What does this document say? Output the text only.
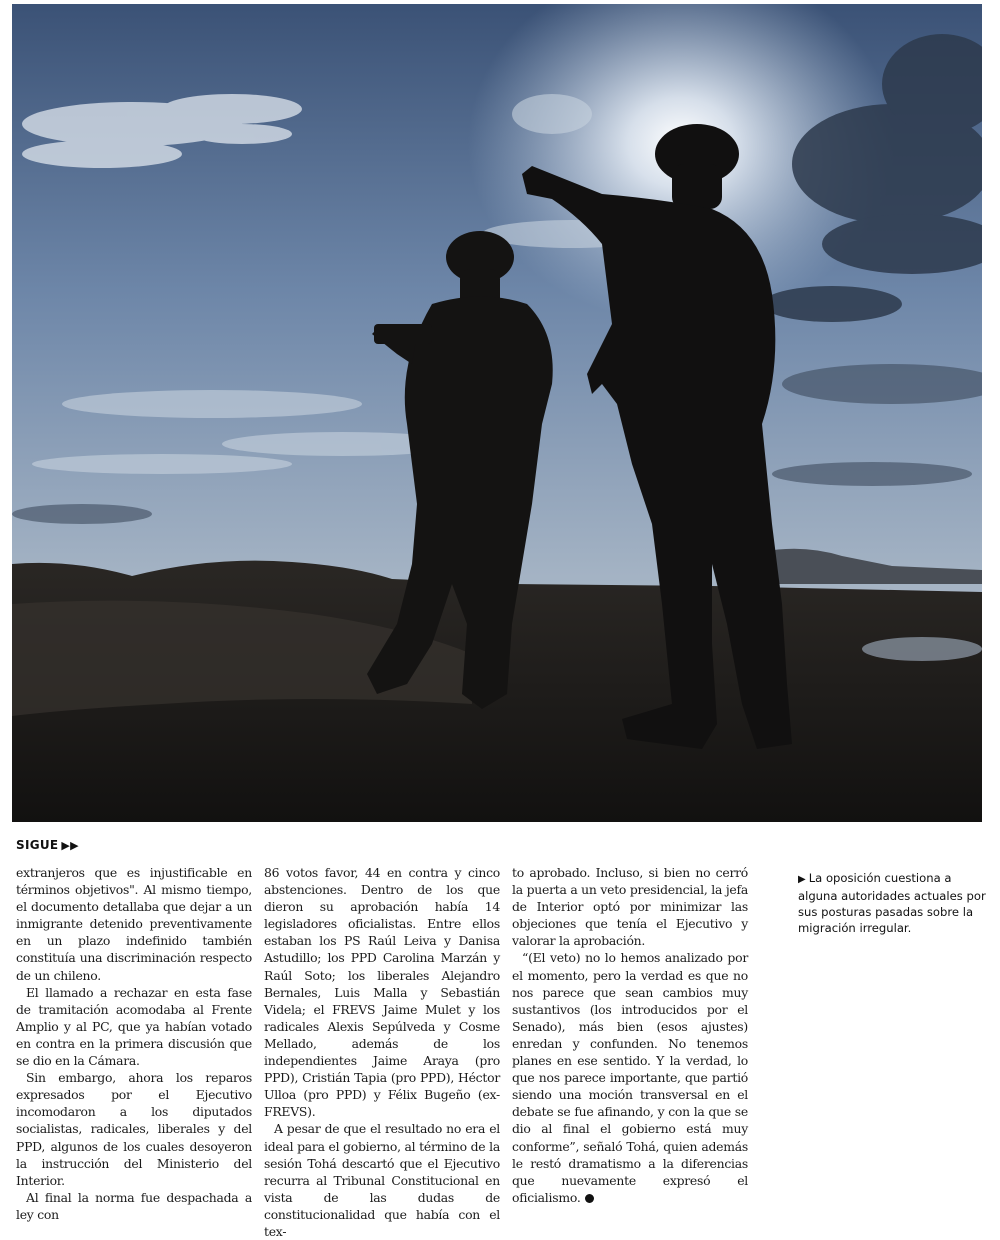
SIGUE ▶▶

extranjeros que es injustificable en términos objetivos". Al mismo tiempo, el documento detallaba que dejar a un inmigrante detenido preventivamente en un plazo indefinido también constituía una discriminación respecto de un chileno.

El llamado a rechazar en esta fase de tramitación acomodaba al Frente Amplio y al PC, que ya habían votado en contra en la primera discusión que se dio en la Cámara.

Sin embargo, ahora los reparos expresados por el Ejecutivo incomodaron a los diputados socialistas, radicales, liberales y del PPD, algunos de los cuales desoyeron la instrucción del Ministerio del Interior.

Al final la norma fue despachada a ley con

86 votos favor, 44 en contra y cinco abstenciones. Dentro de los que dieron su aprobación había 14 legisladores oficialistas. Entre ellos estaban los PS Raúl Leiva y Danisa Astudillo; los PPD Carolina Marzán y Raúl Soto; los liberales Alejandro Bernales, Luis Malla y Sebastián Videla; el FREVS Jaime Mulet y los radicales Alexis Sepúlveda y Cosme Mellado, además de los independientes Jaime Araya (pro PPD), Cristián Tapia (pro PPD), Héctor Ulloa (pro PPD) y Félix Bugeño (ex-FREVS).

A pesar de que el resultado no era el ideal para el gobierno, al término de la sesión Tohá descartó que el Ejecutivo recurra al Tribunal Constitucional en vista de las dudas de constitucionalidad que había con el tex-

to aprobado. Incluso, si bien no cerró la puerta a un veto presidencial, la jefa de Interior optó por minimizar las objeciones que tenía el Ejecutivo y valorar la aprobación.

“(El veto) no lo hemos analizado por el momento, pero la verdad es que no nos parece que sean cambios muy sustantivos (los introducidos por el Senado), más bien (esos ajustes) enredan y confunden. No tenemos planes en ese sentido. Y la verdad, lo que nos parece importante, que partió siendo una moción transversal en el debate se fue afinando, y con la que se dio al final el gobierno está muy conforme”, señaló Tohá, quien además le restó dramatismo a la diferencias que nuevamente expresó el oficialismo.

▶ La oposición cuestiona a alguna autoridades actuales por sus posturas pasadas sobre la migración irregular.
